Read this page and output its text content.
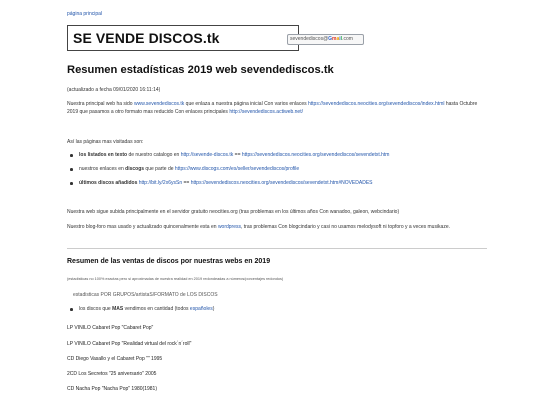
página principal
SE VENDE DISCOS.tk	sevendediscos@Gmail.com
Resumen estadísticas 2019 web sevendediscos.tk
(actualizado a fecha 09/01/2020 16:11:14)
Nuestra principal web ha sido www.sevendediscos.tk que enlaza a nuestra página inicial Con varios enlaces https://sevendediscos.neocities.org/sevendediscos/index.html hasta Octubre 2019 que pasamos a otro formato mas reducido Con enlaces principales http://sevendediscos.actiweb.net/
Así las páginas mas visitadas son:
los listados en texto de nuestro catalogo en http://sevende-discos.tk == https://sevendediscos.neocities.org/sevendediscos/sevendetxt.htm
nuestros enlaces en discogs que parte de https://www.discogs.com/es/seller/sevendediscos/profile
últimos discos añadidos http://bit.ly/2x6ysSn == https://sevendediscos.neocities.org/sevendediscos/sevendetxt.htm#NOVEDADES
Nuestra web sigue subida principalmente en el servidor gratuito neocities.org (tras problemas en los últimos años Con wanadoo, galeon, webcindario)
Nuestro blog-foro mas usado y actualizado quincenalmente esta en wordpress, tras problemas Con blogcindario y casi no usamos melodysoft ni topforo y a veces musikaze.
Resumen de las ventas de discos por nuestras webs en 2019
(estadísticas no 100% exactas pero si aproximadas de nuestra realidad en 2019 redondeadas a números/porcentajes redondos)
estadisticas POR GRUPOS/artistaS/FORMATO de LOS DISCOS
los discos que MAS vendimos en cantidad (todos españoles)
LP VINILO Cabaret Pop "Cabaret Pop"
LP VINILO Cabaret Pop "Realidad virtual del rock´n´roll"
CD Diego Vasallo y el Cabaret Pop "" 1995
2CD Los Secretos "25 aniversario" 2005
CD Nacha Pop "Nacha Pop" 1980(1981)
